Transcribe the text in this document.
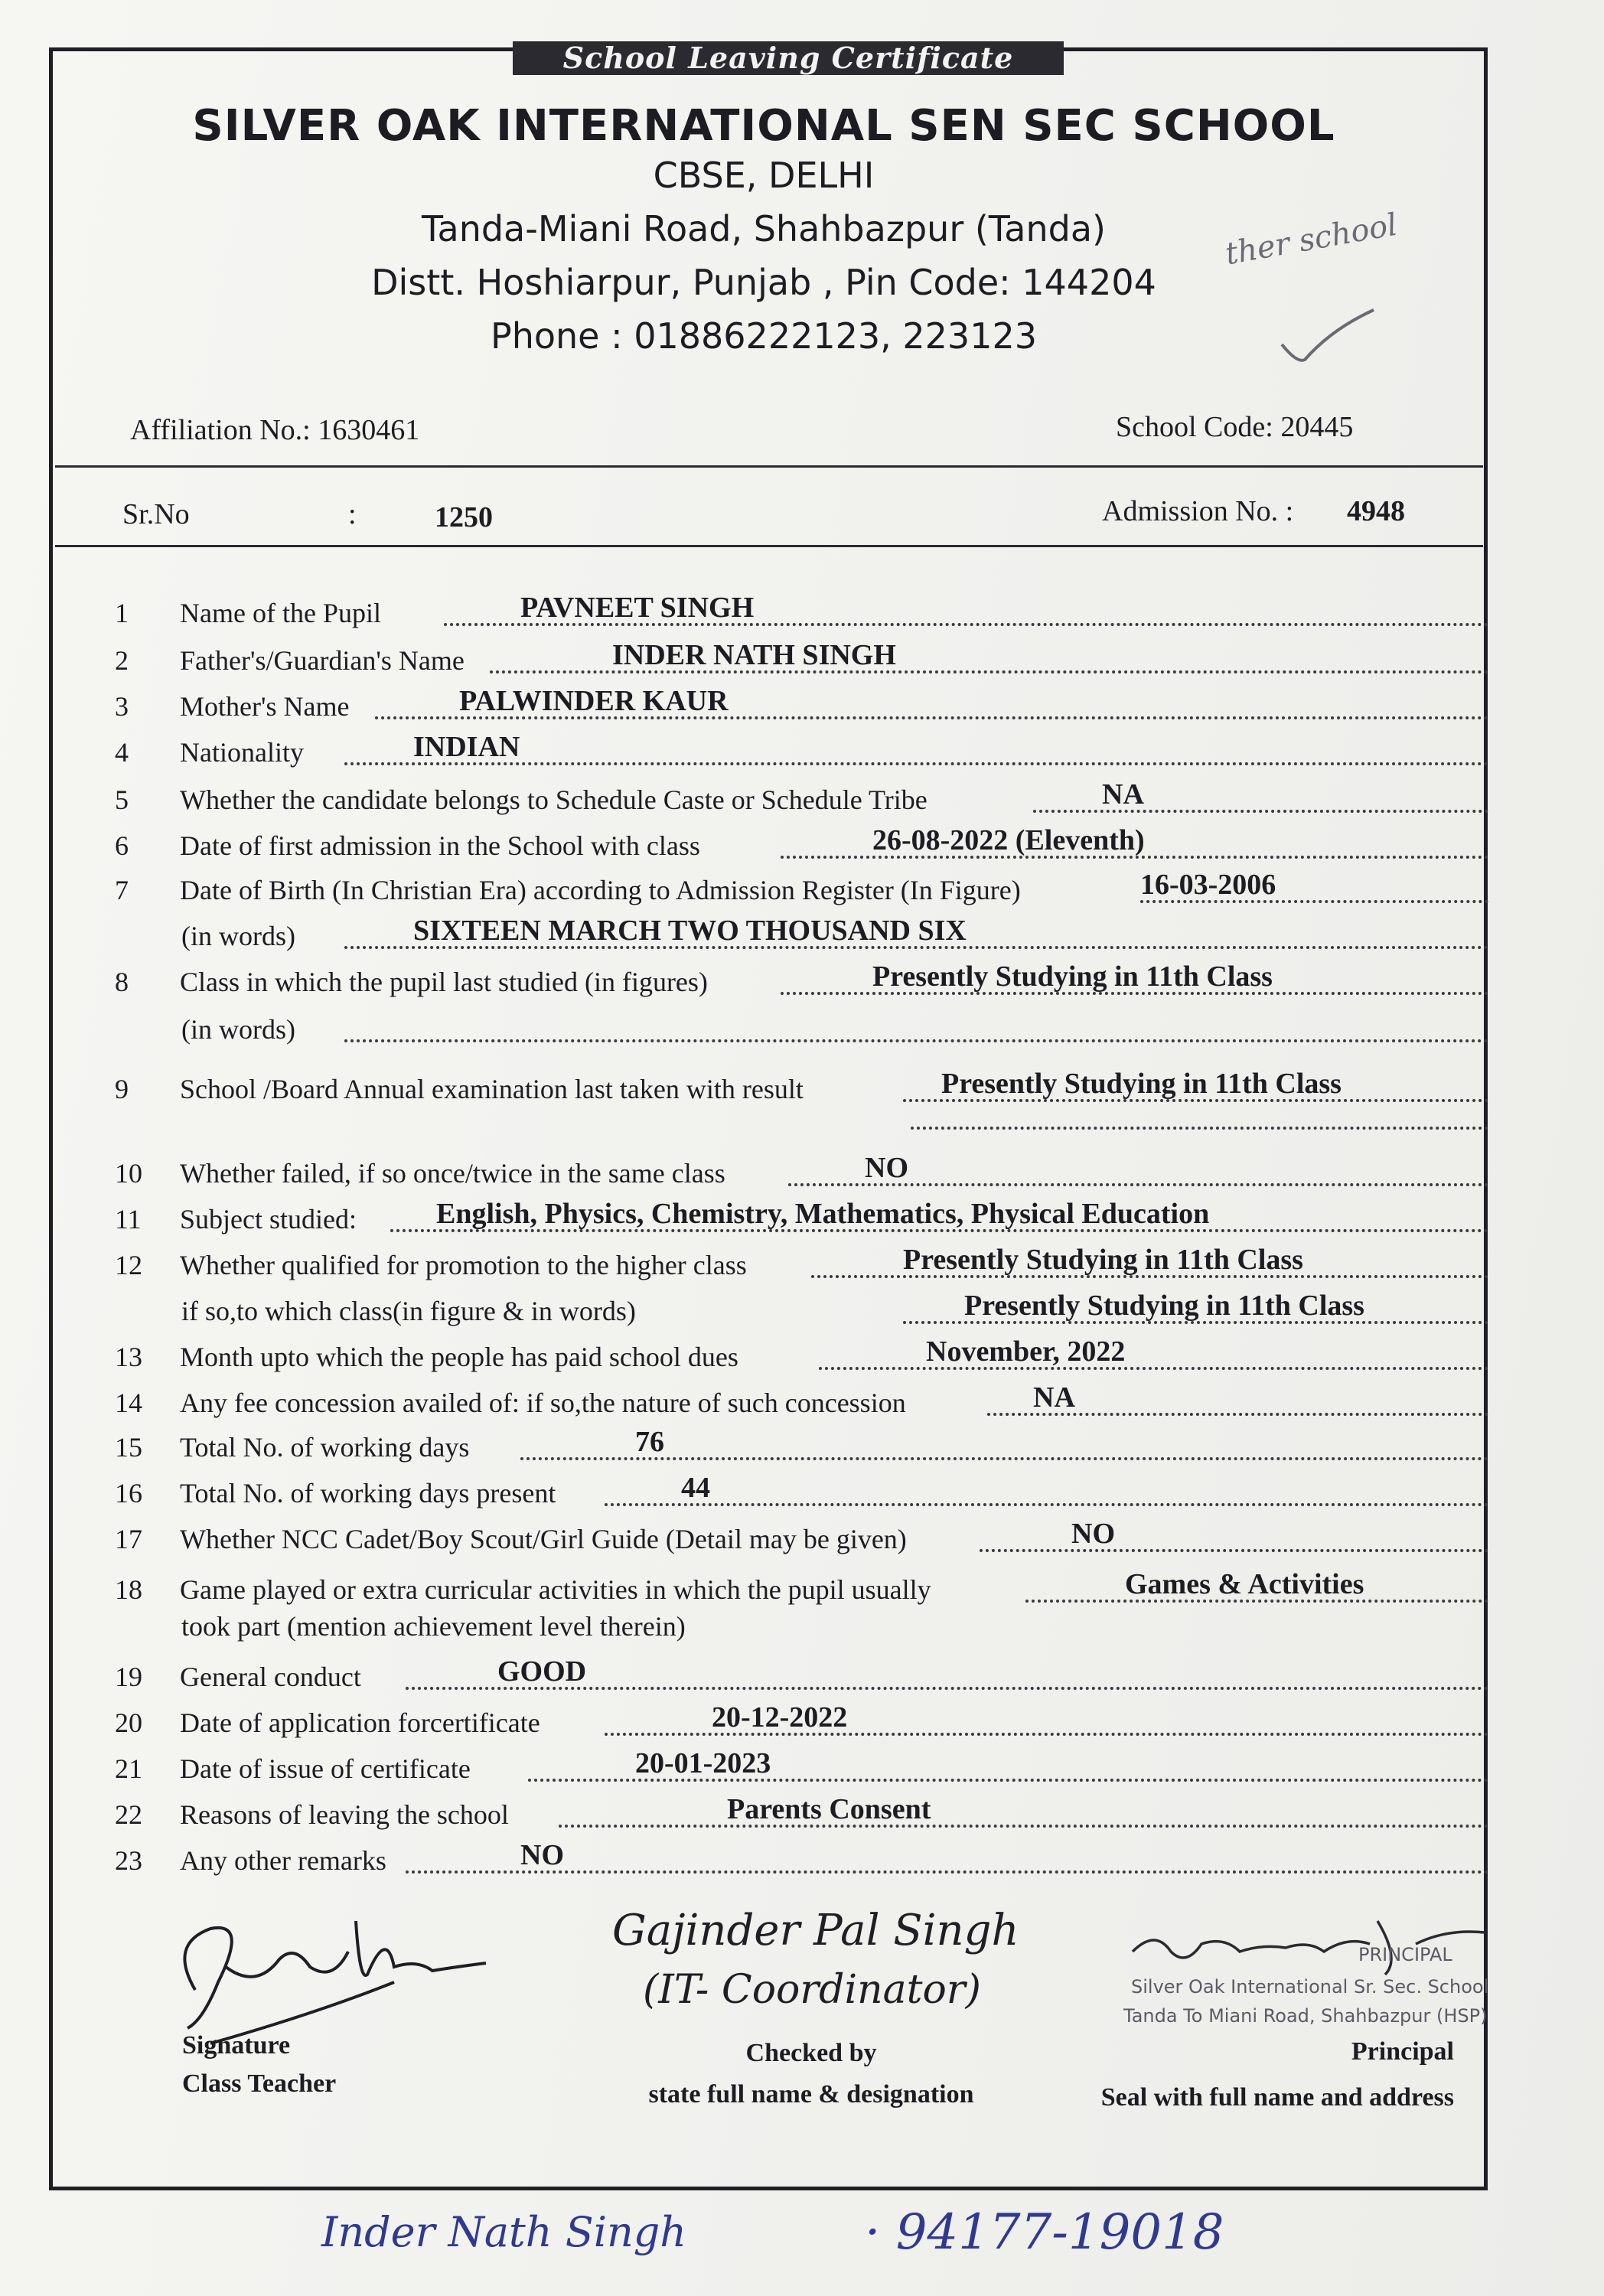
School Leaving Certificate
SILVER OAK INTERNATIONAL SEN SEC SCHOOL
CBSE, DELHI
Tanda-Miani Road, Shahbazpur (Tanda)
Distt. Hoshiarpur, Punjab , Pin Code: 144204
Phone : 01886222123, 223123
ther school
Affiliation No.: 1630461	School Code: 20445
Sr.No	:	1250	Admission No. : 4948
1	Name of the Pupil	PAVNEET SINGH
2	Father's/Guardian's Name	INDER NATH SINGH
3	Mother's Name	PALWINDER KAUR
4	Nationality	INDIAN
5	Whether the candidate belongs to Schedule Caste or Schedule Tribe	NA
6	Date of first admission in the School with class	26-08-2022 (Eleventh)
7	Date of Birth (In Christian Era) according to Admission Register (In Figure)	16-03-2006
(in words)	SIXTEEN MARCH TWO THOUSAND SIX
8	Class in which the pupil last studied (in figures)	Presently Studying in 11th Class
(in words)
9	School /Board Annual examination last taken with result	Presently Studying in 11th Class
10	Whether failed, if so once/twice in the same class	NO
11	Subject studied:	English, Physics, Chemistry, Mathematics, Physical Education
12	Whether qualified for promotion to the higher class	Presently Studying in 11th Class
if so,to which class(in figure & in words)	Presently Studying in 11th Class
13	Month upto which the people has paid school dues	November, 2022
14	Any fee concession availed of: if so,the nature of such concession	NA
15	Total No. of working days	76
16	Total No. of working days present	44
17	Whether NCC Cadet/Boy Scout/Girl Guide (Detail may be given)	NO
18	Game played or extra curricular activities in which the pupil usually	Games & Activities
took part (mention achievement level therein)
19	General conduct	GOOD
20	Date of application forcertificate	20-12-2022
21	Date of issue of certificate	20-01-2023
22	Reasons of leaving the school	Parents Consent
23	Any other remarks	NO
Signature
Class Teacher
Gajinder Pal Singh
(IT- Coordinator)
Checked by
state full name & designation
PRINCIPAL
Silver Oak International Sr. Sec. School
Tanda To Miani Road, Shahbazpur (HSP)
Principal
Seal with full name and address
Inder Nath Singh	· 94177-19018
